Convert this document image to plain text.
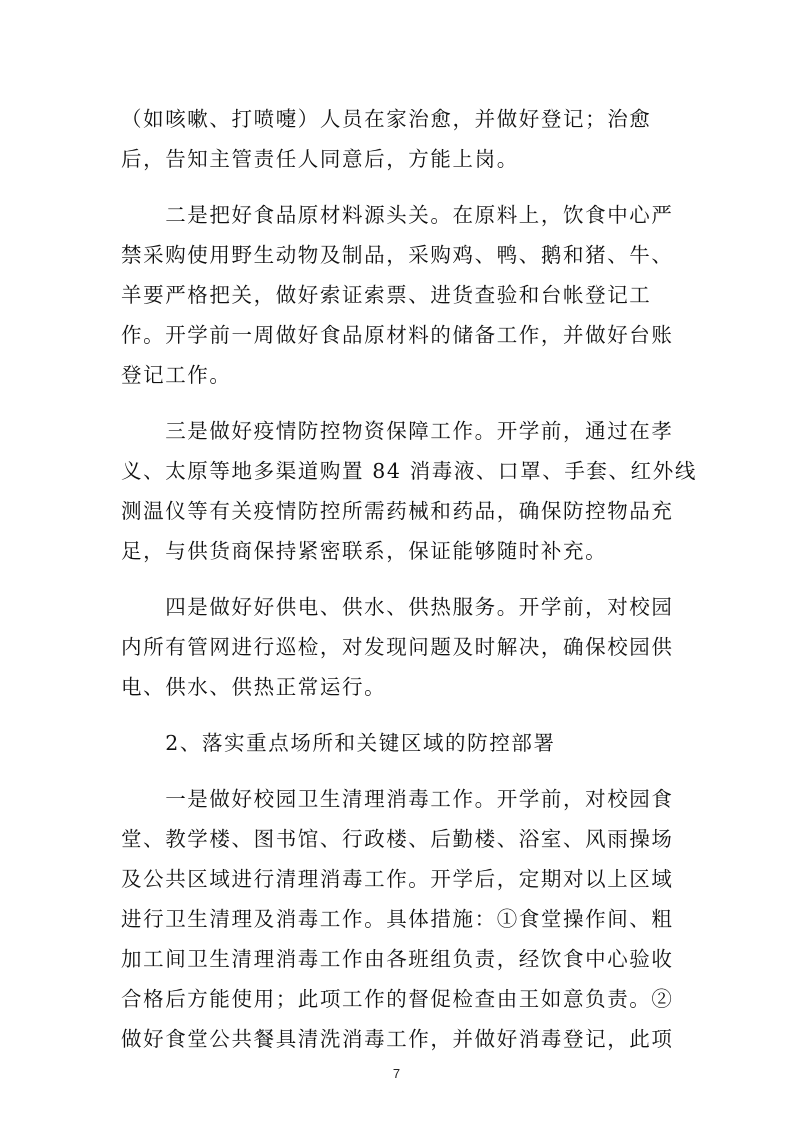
（如咳嗽、打喷嚏）人员在家治愈，并做好登记；治愈
后，告知主管责任人同意后，方能上岗。
　　二是把好食品原材料源头关。在原料上，饮食中心严
禁采购使用野生动物及制品，采购鸡、鸭、鹅和猪、牛、
羊要严格把关，做好索证索票、进货查验和台帐登记工
作。开学前一周做好食品原材料的储备工作，并做好台账
登记工作。
　　三是做好疫情防控物资保障工作。开学前，通过在孝
义、太原等地多渠道购置 84 消毒液、口罩、手套、红外线
测温仪等有关疫情防控所需药械和药品，确保防控物品充
足，与供货商保持紧密联系，保证能够随时补充。
　　四是做好好供电、供水、供热服务。开学前，对校园
内所有管网进行巡检，对发现问题及时解决，确保校园供
电、供水、供热正常运行。
　　2、落实重点场所和关键区域的防控部署
　　一是做好校园卫生清理消毒工作。开学前，对校园食
堂、教学楼、图书馆、行政楼、后勤楼、浴室、风雨操场
及公共区域进行清理消毒工作。开学后，定期对以上区域
进行卫生清理及消毒工作。具体措施：①食堂操作间、粗
加工间卫生清理消毒工作由各班组负责，经饮食中心验收
合格后方能使用；此项工作的督促检查由王如意负责。②
做好食堂公共餐具清洗消毒工作，并做好消毒登记，此项
7
